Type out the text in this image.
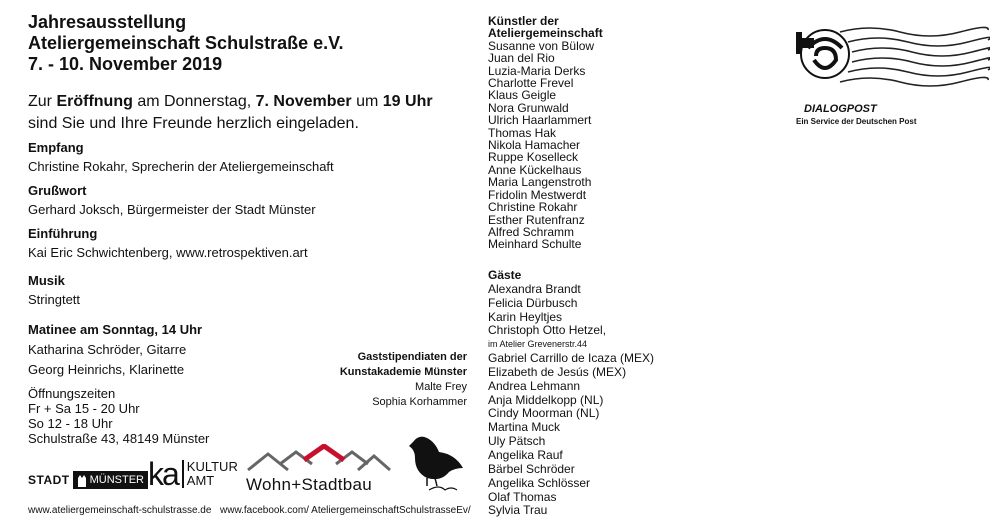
Jahresausstellung
Ateliergemeinschaft Schulstraße e.V.
7. - 10. November 2019
Zur Eröffnung am Donnerstag, 7. November um 19 Uhr
sind Sie und Ihre Freunde herzlich eingeladen.
Empfang
Christine Rokahr, Sprecherin der Ateliergemeinschaft
Grußwort
Gerhard Joksch, Bürgermeister der Stadt Münster
Einführung
Kai Eric Schwichtenberg, www.retrospektiven.art
Musik
Stringtett
Matinee am Sonntag, 14 Uhr
Katharina Schröder, Gitarre
Georg Heinrichs, Klarinette
Öffnungszeiten
Fr + Sa 15 - 20 Uhr
So 12 - 18 Uhr
Schulstraße 43, 48149 Münster
Gaststipendiaten der
Kunstakademie Münster
Malte Frey
Sophia Korhammer
Künstler der
Ateliergemeinschaft
Susanne von Bülow
Juan del Rio
Luzia-Maria Derks
Charlotte Frevel
Klaus Geigle
Nora Grunwald
Ulrich Haarlammert
Thomas Hak
Nikola Hamacher
Ruppe Koselleck
Anne Kückelhaus
Maria Langenstroth
Fridolin Mestwerdt
Christine Rokahr
Esther Rutenfranz
Alfred Schramm
Meinhard Schulte
Gäste
Alexandra Brandt
Felicia Dürbusch
Karin Heyltjes
Christoph Otto Hetzel,
im Atelier Grevenerstr.44
Gabriel Carrillo de Icaza (MEX)
Elizabeth de Jesús (MEX)
Andrea Lehmann
Anja Middelkopp (NL)
Cindy Moorman (NL)
Martina Muck
Uly Pätsch
Angelika Rauf
Bärbel Schröder
Angelika Schlösser
Olaf Thomas
Sylvia Trau
DIALOGPOST
Ein Service der Deutschen Post
STADT MÜNSTER ka KULTUR
AMT	Wohn+Stadtbau
www.ateliergemeinschaft-schulstrasse.de www.facebook.com/ AteliergemeinschaftSchulstrasseEv/
